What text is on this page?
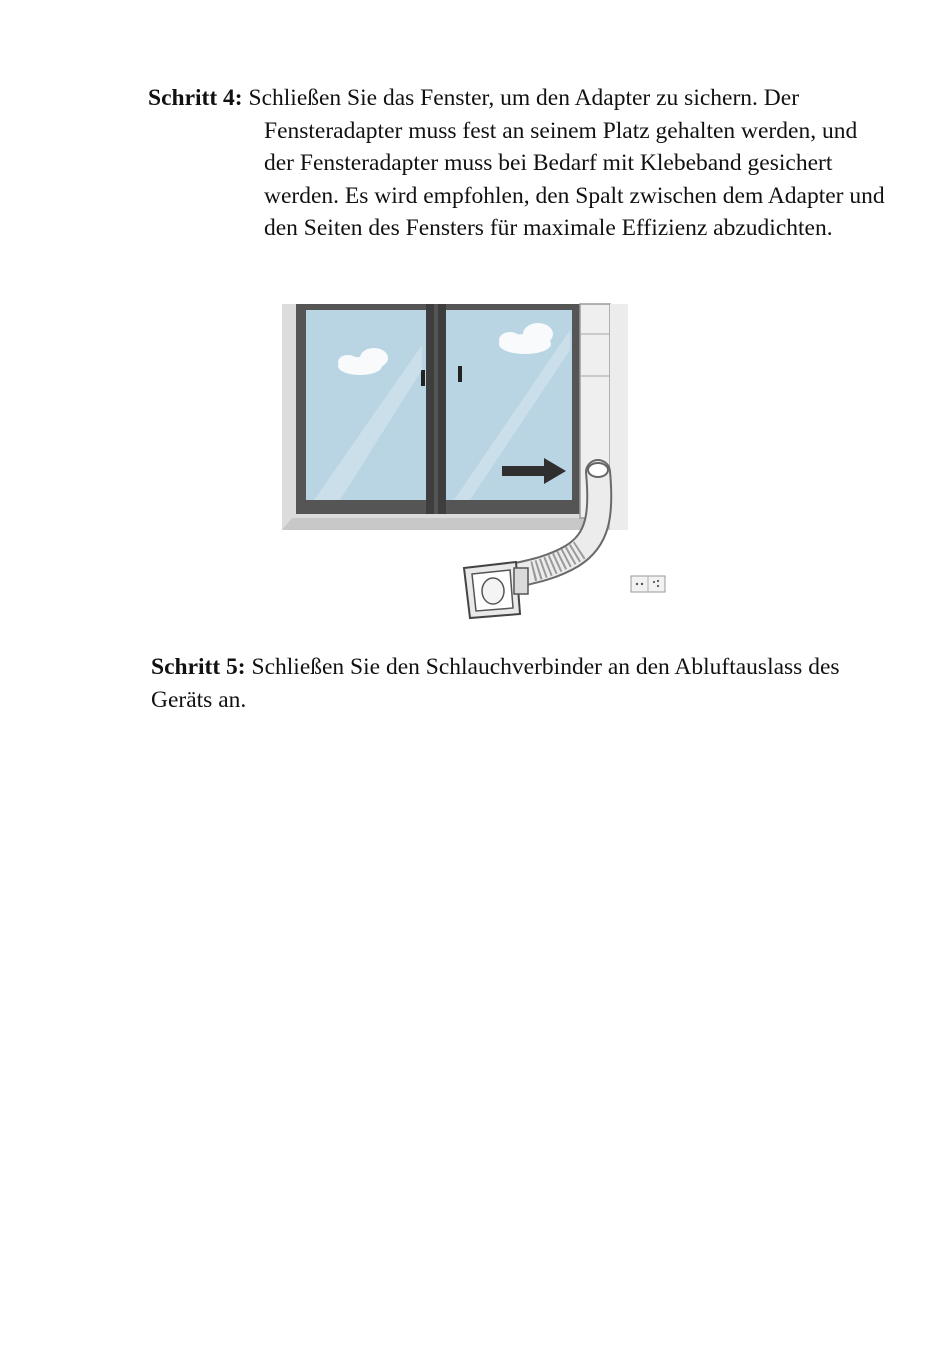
Schritt 4: Schließen Sie das Fenster, um den Adapter zu sichern. Der
Fensteradapter muss fest an seinem Platz gehalten werden, und der Fensteradapter muss bei Bedarf mit Klebeband gesichert werden. Es wird empfohlen, den Spalt zwischen dem Adapter und den Seiten des Fensters für maximale Effizienz abzudichten.
Schritt 5: Schließen Sie den Schlauchverbinder an den Abluftauslass des Geräts an.
